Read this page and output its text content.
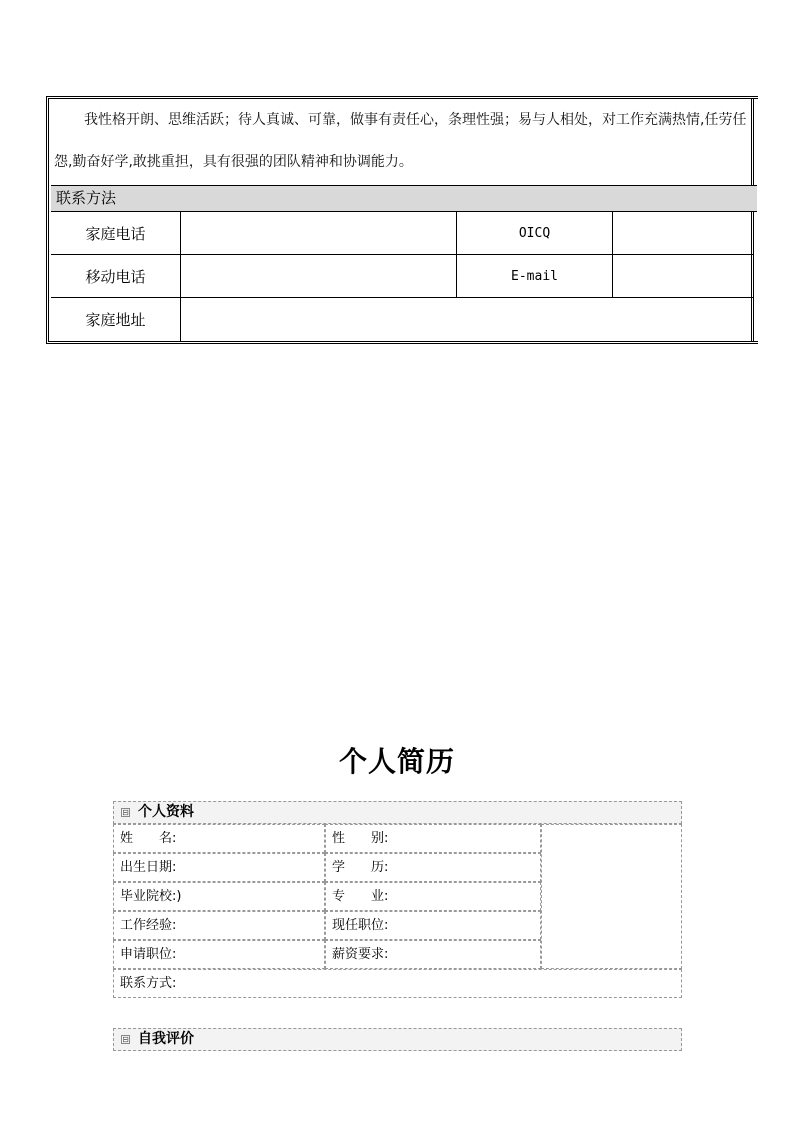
我性格开朗、思维活跃；待人真诚、可靠，做事有责任心，条理性强；易与人相处，对工作充满热情,任劳任怨,勤奋好学,敢挑重担，具有很强的团队精神和协调能力。

联系方法
家庭电话	OICQ
移动电话	E-mail
家庭地址
个人简历
⊟ 个人资料
姓　　名:	性　　别:
出生日期:	学　　历:
毕业院校:)	专　　业:
工作经验:	现任职位:
申请职位:	薪资要求:
联系方式:
⊟ 自我评价
